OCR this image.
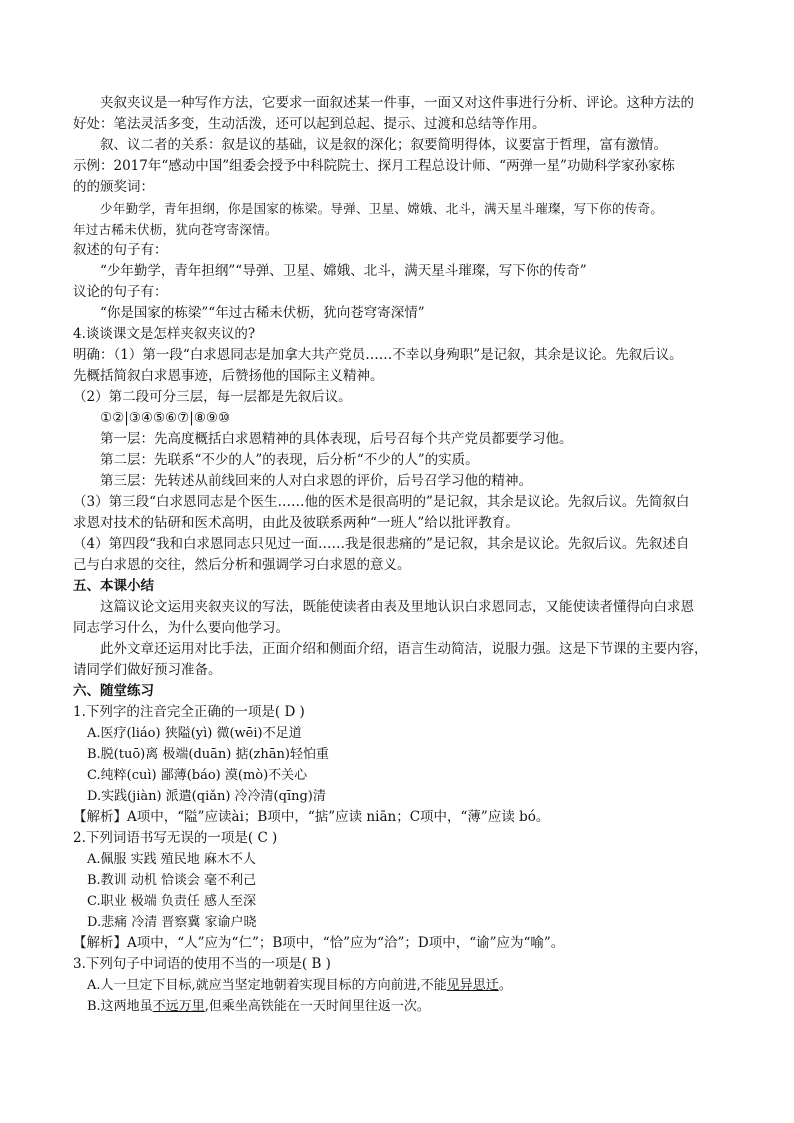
夹叙夹议是一种写作方法，它要求一面叙述某一件事，一面又对这件事进行分析、评论。这种方法的
好处：笔法灵活多变，生动活泼，还可以起到总起、提示、过渡和总结等作用。
叙、议二者的关系：叙是议的基础，议是叙的深化；叙要简明得体，议要富于哲理，富有激情。
示例：2017年“感动中国”组委会授予中科院院士、探月工程总设计师、“两弹一星”功勋科学家孙家栋
的的颁奖词：
少年勤学，青年担纲，你是国家的栋梁。导弹、卫星、嫦娥、北斗，满天星斗璀璨，写下你的传奇。
年过古稀未伏枥，犹向苍穹寄深情。
叙述的句子有：
“少年勤学，青年担纲”“导弹、卫星、嫦娥、北斗，满天星斗璀璨，写下你的传奇”
议论的句子有：
“你是国家的栋梁”“年过古稀未伏枥，犹向苍穹寄深情”
4.谈谈课文是怎样夹叙夹议的?
明确：（1）第一段“白求恩同志是加拿大共产党员……不幸以身殉职”是记叙，其余是议论。先叙后议。
先概括简叙白求恩事迹，后赞扬他的国际主义精神。
（2）第二段可分三层，每一层都是先叙后议。
①②|③④⑤⑥⑦|⑧⑨⑩
第一层：先高度概括白求恩精神的具体表现，后号召每个共产党员都要学习他。
第二层：先联系“不少的人”的表现，后分析“不少的人”的实质。
第三层：先转述从前线回来的人对白求恩的评价，后号召学习他的精神。
（3）第三段“白求恩同志是个医生……他的医术是很高明的”是记叙，其余是议论。先叙后议。先简叙白
求恩对技术的钻研和医术高明，由此及彼联系两种“一班人”给以批评教育。
（4）第四段“我和白求恩同志只见过一面……我是很悲痛的”是记叙，其余是议论。先叙后议。先叙述自
己与白求恩的交往，然后分析和强调学习白求恩的意义。
五、本课小结
这篇议论文运用夹叙夹议的写法，既能使读者由表及里地认识白求恩同志，又能使读者懂得向白求恩
同志学习什么，为什么要向他学习。
此外文章还运用对比手法，正面介绍和侧面介绍，语言生动简洁，说服力强。这是下节课的主要内容，
请同学们做好预习准备。
六、随堂练习
1.下列字的注音完全正确的一项是( D )
A.医疗(liáo) 狭隘(yì) 微(wēi)不足道
B.脱(tuō)离 极端(duān) 掂(zhān)轻怕重
C.纯粹(cuì) 鄙薄(báo) 漠(mò)不关心
D.实践(jiàn) 派遣(qiǎn) 冷冷清(qīng)清
【解析】A项中，“隘”应读ài；B项中，“掂”应读 niān；C项中，“薄”应读 bó。
2.下列词语书写无误的一项是( C )
A.佩服 实践 殖民地 麻木不人
B.教训 动机 恰谈会 毫不利己
C.职业 极端 负责任 感人至深
D.悲痛 冷清 晋察冀 家谕户晓
【解析】A项中，“人”应为“仁”；B项中，“恰”应为“洽”；D项中，“谕”应为“喻”。
3.下列句子中词语的使用不当的一项是( B )
A.人一旦定下目标,就应当坚定地朝着实现目标的方向前进,不能见异思迁。
B.这两地虽不远万里,但乘坐高铁能在一天时间里往返一次。
